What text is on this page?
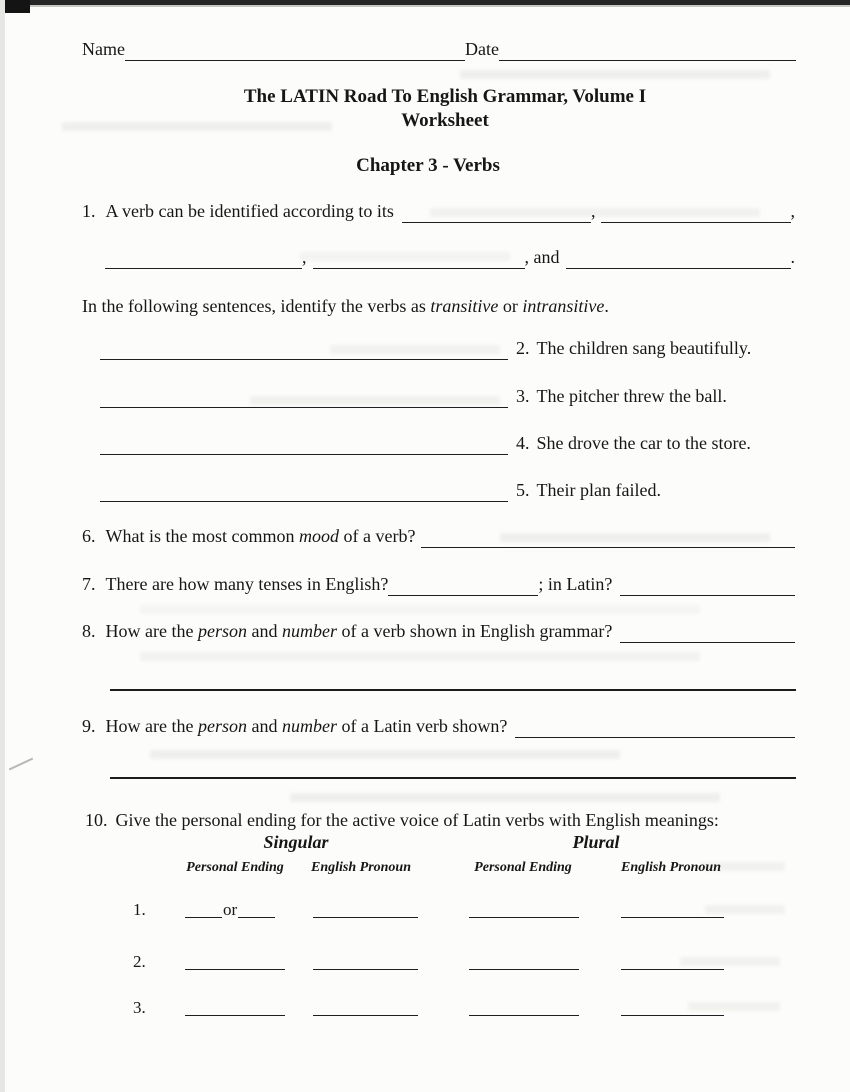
Name	Date
The LATIN Road To English Grammar, Volume I
Worksheet
Chapter 3 - Verbs
1. A verb can be identified according to its	,	,
,	, and	.
In the following sentences, identify the verbs as transitive or intransitive.
2. The children sang beautifully.
3. The pitcher threw the ball.
4. She drove the car to the store.
5. Their plan failed.
6. What is the most common mood of a verb?
7. There are how many tenses in English?	; in Latin?
8. How are the person and number of a verb shown in English grammar?
9. How are the person and number of a Latin verb shown?
10. Give the personal ending for the active voice of Latin verbs with English meanings:
Singular	Plural
Personal Ending	English Pronoun	Personal Ending	English Pronoun
1.	or
2.
3.
